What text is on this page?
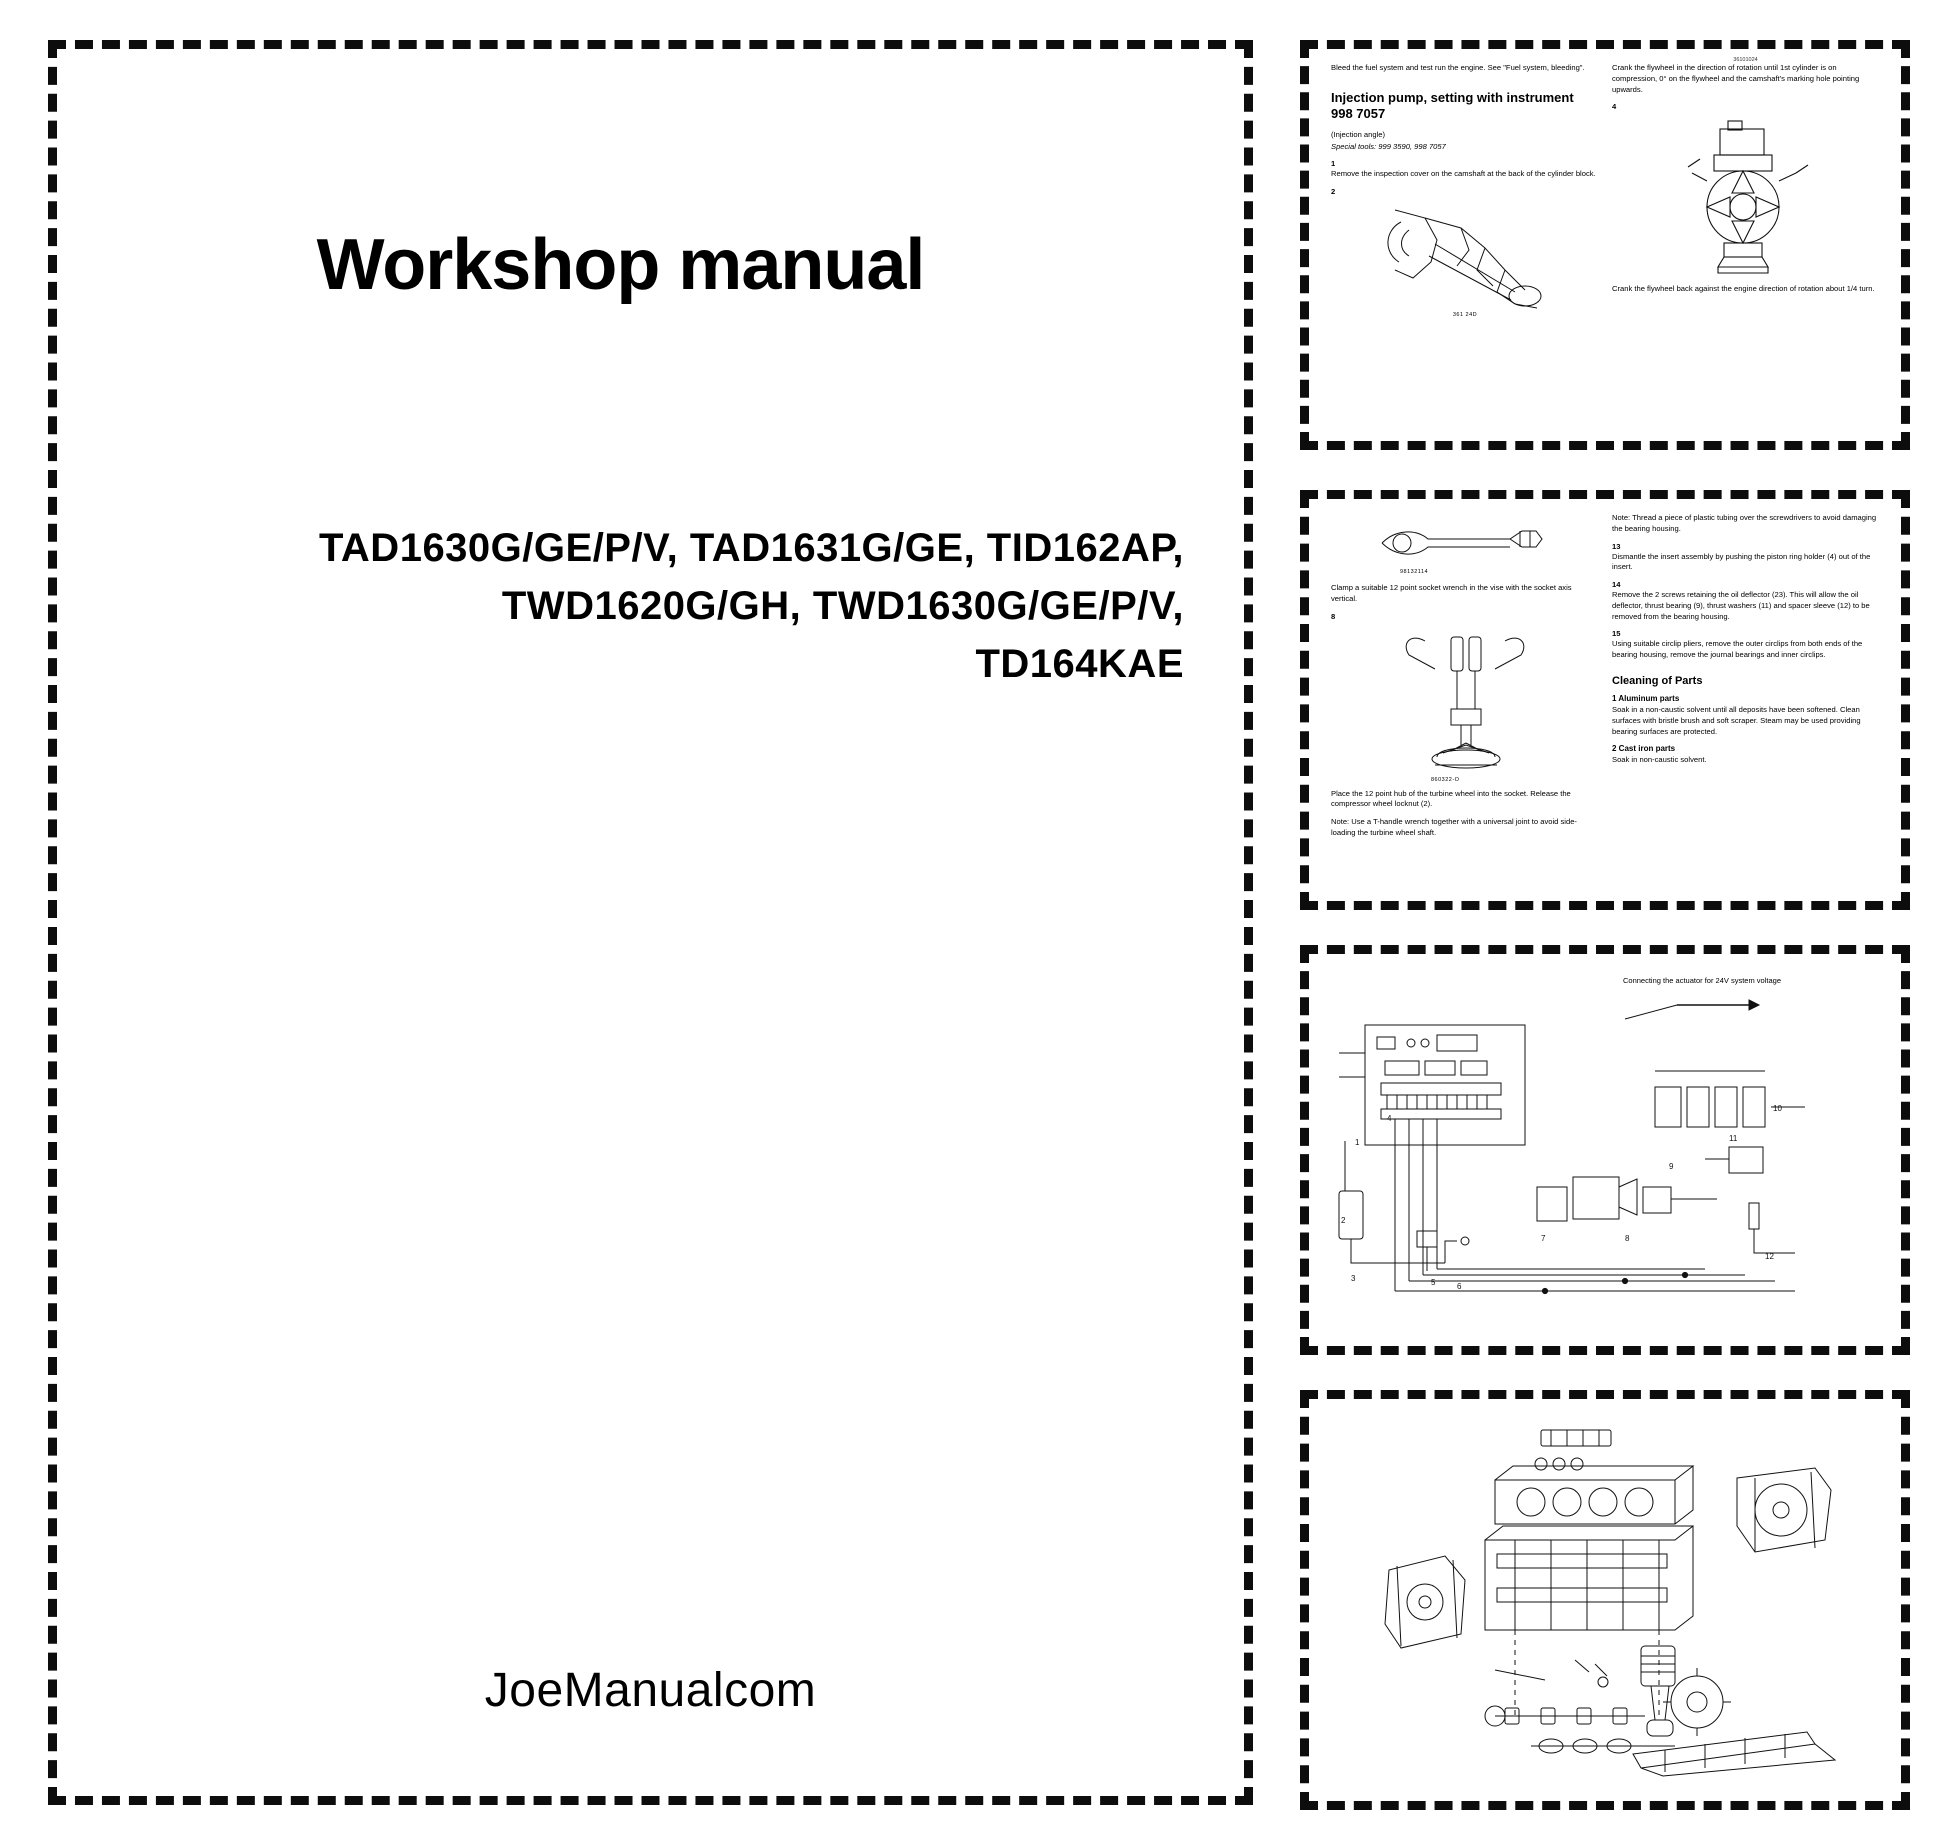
Workshop manual
TAD1630G/GE/P/V, TAD1631G/GE, TID162AP,
TWD1620G/GH, TWD1630G/GE/P/V,
TD164KAE
JoeManualcom

Bleed the fuel system and test run the engine. See "Fuel system, bleeding".

Injection pump, setting with instrument 998 7057

(Injection angle)

Special tools: 999 3590, 998 7057

1

Remove the inspection cover on the camshaft at the back of the cylinder block.

2

361 24D
36101024

Crank the flywheel in the direction of rotation until 1st cylinder is on compression, 0° on the flywheel and the camshaft's marking hole pointing upwards.

4

Crank the flywheel back against the engine direction of rotation about 1/4 turn.

98132114

Clamp a suitable 12 point socket wrench in the vise with the socket axis vertical.

8

860322-O

Place the 12 point hub of the turbine wheel into the socket. Release the compressor wheel locknut (2).

Note: Use a T-handle wrench together with a universal joint to avoid side-loading the turbine wheel shaft.

Note: Thread a piece of plastic tubing over the screwdrivers to avoid damaging the bearing housing.

13

Dismantle the insert assembly by pushing the piston ring holder (4) out of the insert.

14

Remove the 2 screws retaining the oil deflector (23). This will allow the oil deflector, thrust bearing (9), thrust washers (11) and spacer sleeve (12) to be removed from the bearing housing.

15

Using suitable circlip pliers, remove the outer circlips from both ends of the bearing housing, remove the journal bearings and inner circlips.

Cleaning of Parts

1 Aluminum parts

Soak in a non-caustic solvent until all deposits have been softened. Clean surfaces with bristle brush and soft scraper. Steam may be used providing bearing surfaces are protected.

2 Cast iron parts

Soak in non-caustic solvent.

Connecting the actuator for 24V system voltage
1
2
3
4
5	6
7	8
9
10
11
12
